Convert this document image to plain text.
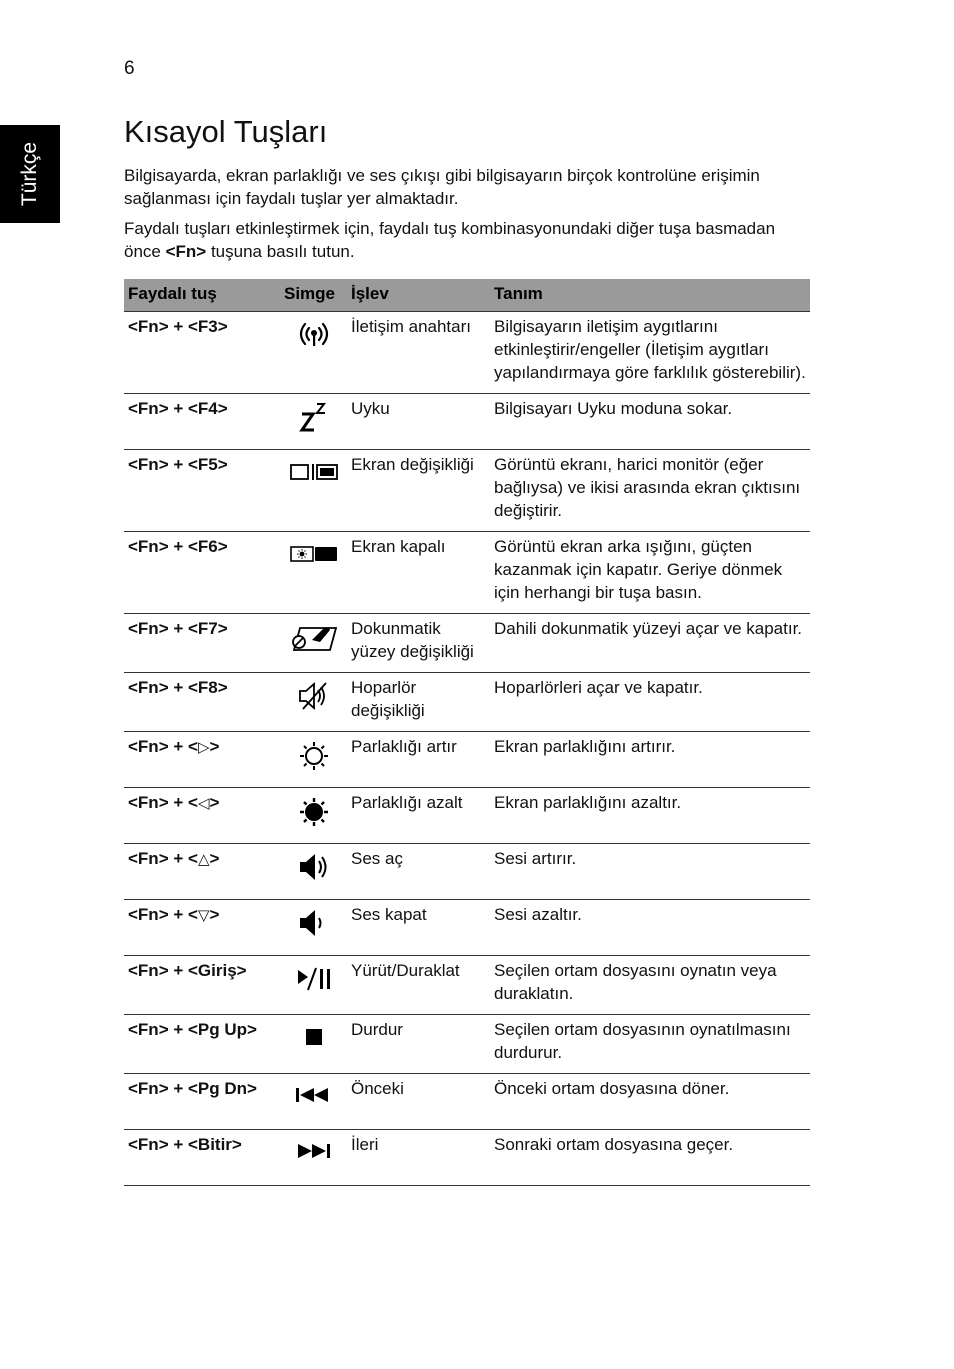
6
Türkçe
Kısayol Tuşları

Bilgisayarda, ekran parlaklığı ve ses çıkışı gibi bilgisayarın birçok kontrolüne erişimin sağlanması için faydalı tuşlar yer almaktadır.

Faydalı tuşları etkinleştirmek için, faydalı tuş kombinasyonundaki diğer tuşa basmadan önce <Fn> tuşuna basılı tutun.

Faydalı tuş	Simge	İşlev	Tanım
<Fn> + <F3>		İletişim anahtarı	Bilgisayarın iletişim aygıtlarını etkinleştirir/engeller (İletişim aygıtları yapılandırmaya göre farklılık gösterebilir).
<Fn> + <F4>		Uyku	Bilgisayarı Uyku moduna sokar.
<Fn> + <F5>		Ekran değişikliği	Görüntü ekranı, harici monitör (eğer bağlıysa) ve ikisi arasında ekran çıktısını değiştirir.
<Fn> + <F6>		Ekran kapalı	Görüntü ekran arka ışığını, güçten kazanmak için kapatır. Geriye dönmek için herhangi bir tuşa basın.
<Fn> + <F7>		Dokunmatik yüzey değişikliği	Dahili dokunmatik yüzeyi açar ve kapatır.
<Fn> + <F8>		Hoparlör değişikliği	Hoparlörleri açar ve kapatır.
<Fn> + <▷>		Parlaklığı artır	Ekran parlaklığını artırır.
<Fn> + <◁>		Parlaklığı azalt	Ekran parlaklığını azaltır.
<Fn> + <△>		Ses aç	Sesi artırır.
<Fn> + <▽>		Ses kapat	Sesi azaltır.
<Fn> + <Giriş>		Yürüt/Duraklat	Seçilen ortam dosyasını oynatın veya duraklatın.
<Fn> + <Pg Up>		Durdur	Seçilen ortam dosyasının oynatılmasını durdurur.
<Fn> + <Pg Dn>		Önceki	Önceki ortam dosyasına döner.
<Fn> + <Bitir>		İleri	Sonraki ortam dosyasına geçer.
